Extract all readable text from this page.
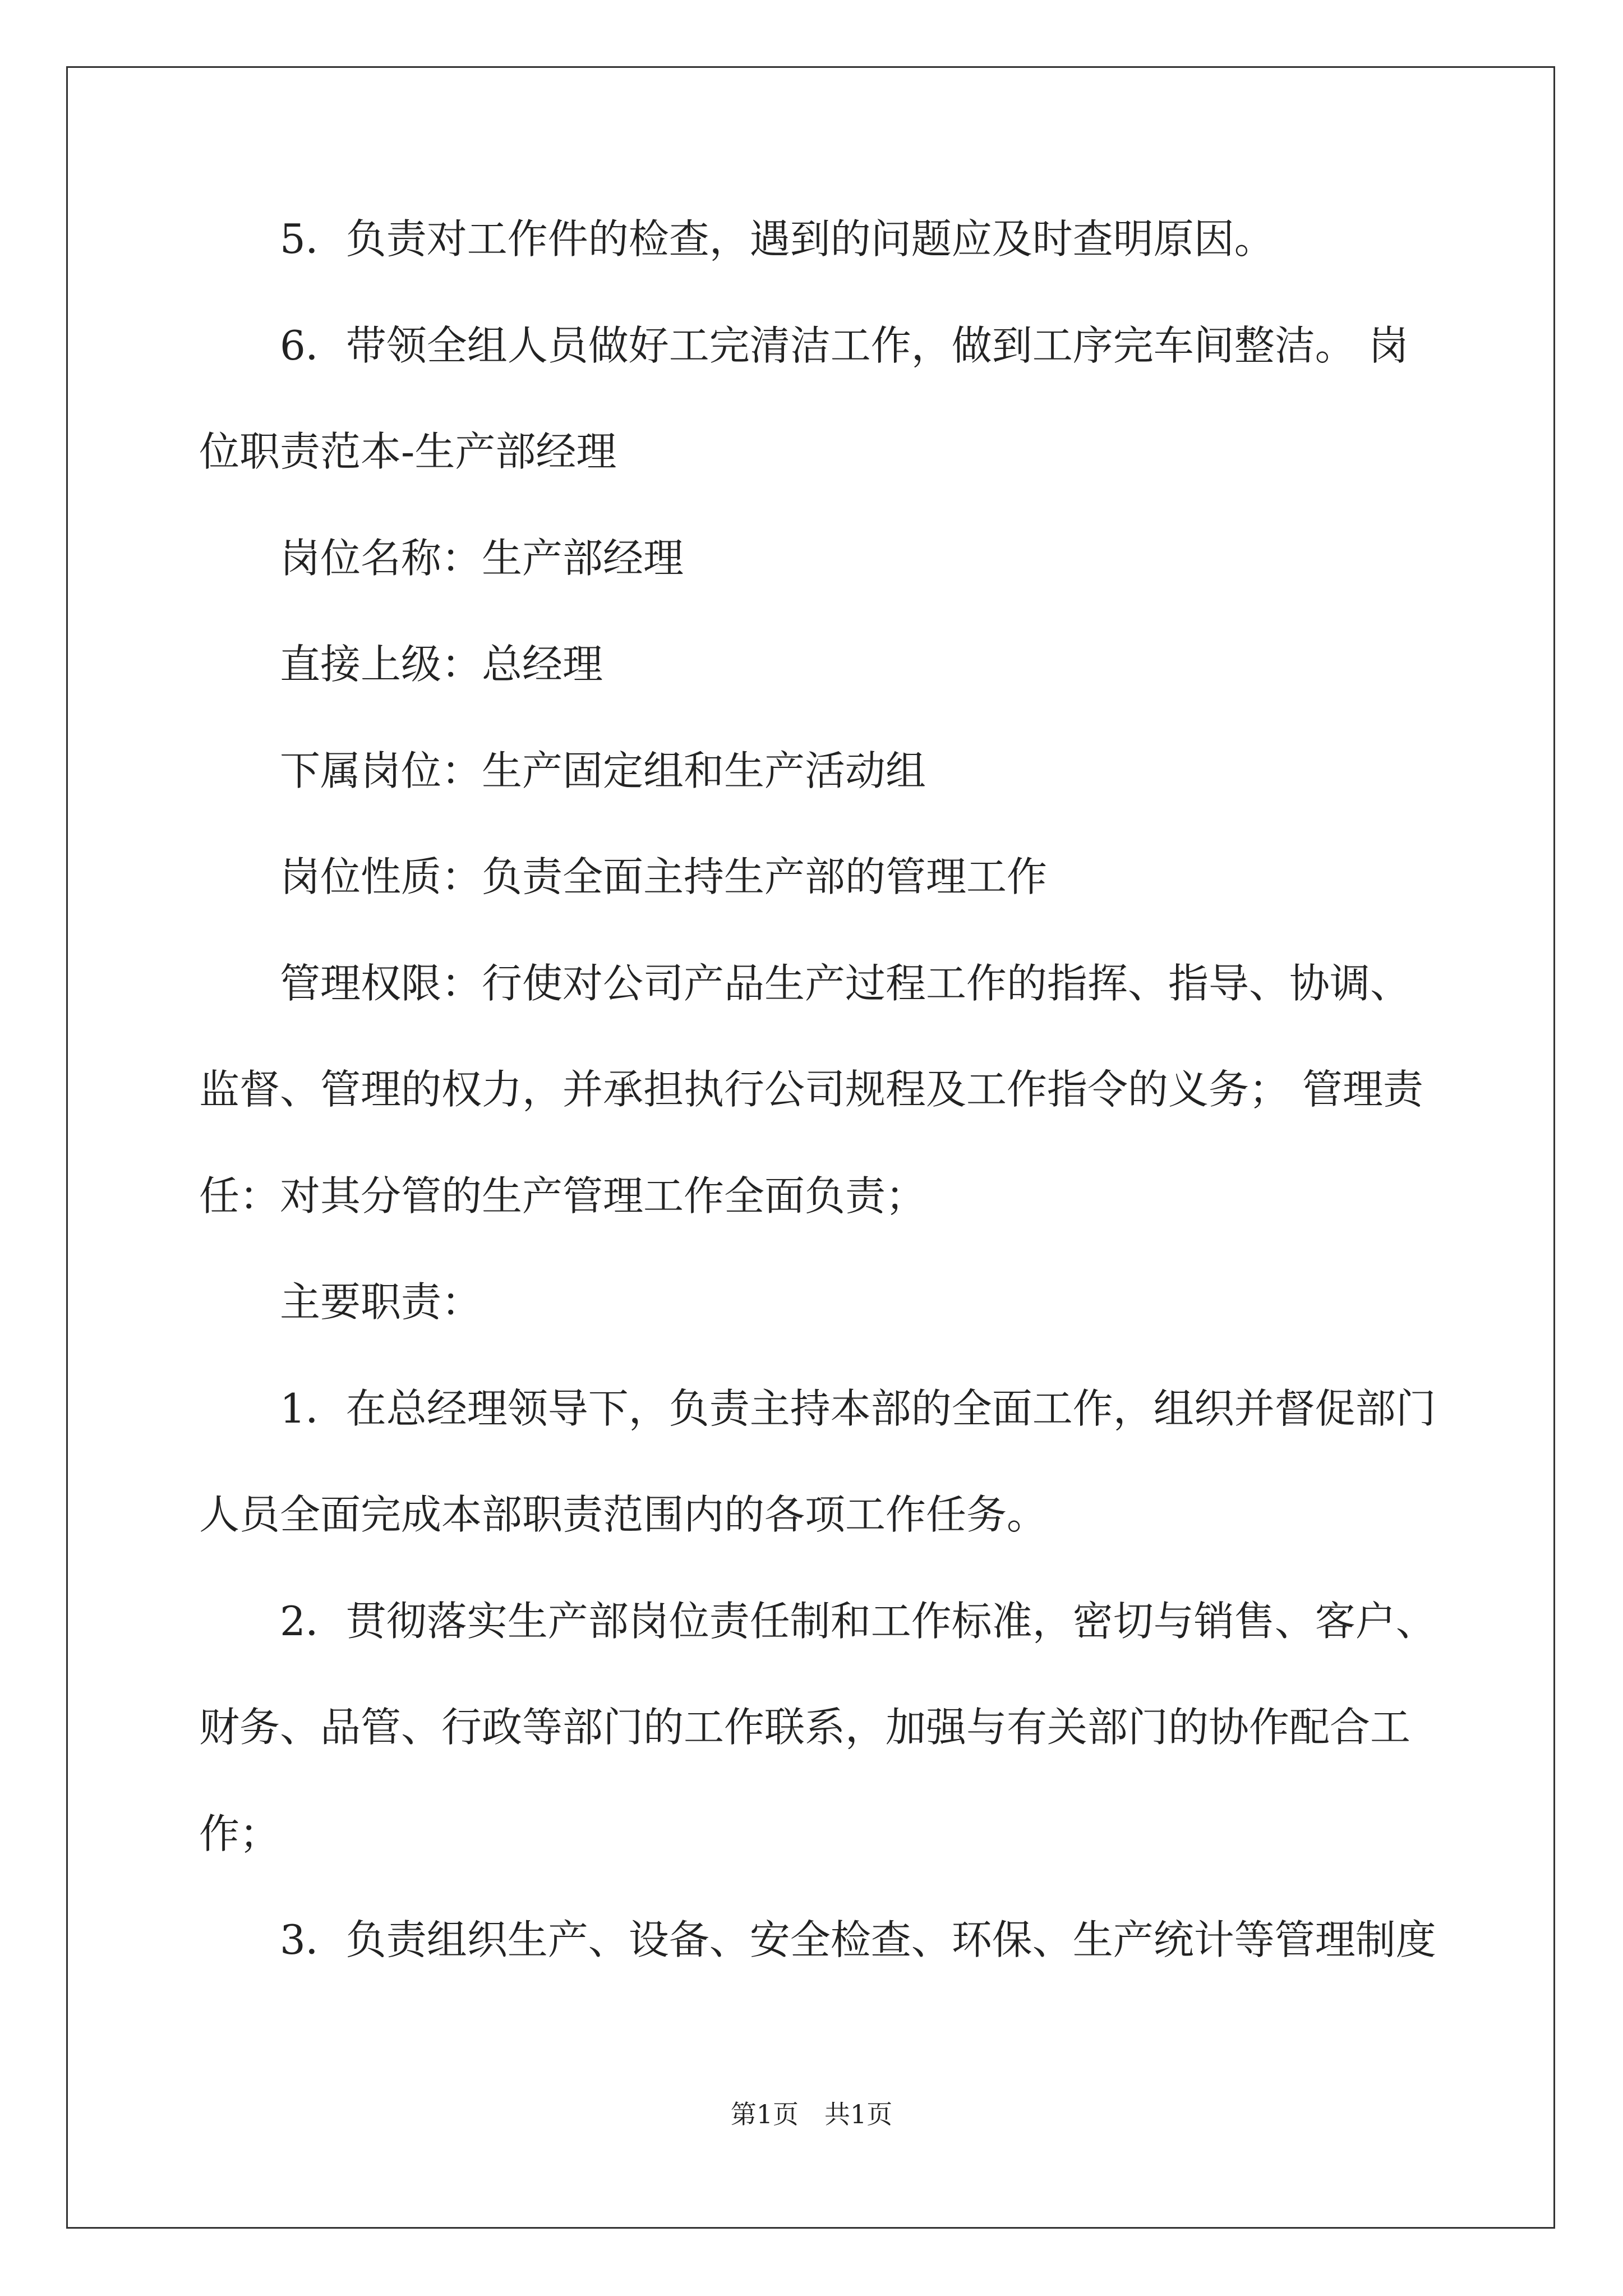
　　5．负责对工作件的检查，遇到的问题应及时查明原因。
　　6．带领全组人员做好工完清洁工作，做到工序完车间整洁。 岗
位职责范本-生产部经理
　　岗位名称：生产部经理
　　直接上级：总经理
　　下属岗位：生产固定组和生产活动组
　　岗位性质：负责全面主持生产部的管理工作
　　管理权限：行使对公司产品生产过程工作的指挥、指导、协调、
监督、管理的权力，并承担执行公司规程及工作指令的义务； 管理责
任：对其分管的生产管理工作全面负责；
　　主要职责：
　　1．在总经理领导下，负责主持本部的全面工作，组织并督促部门
人员全面完成本部职责范围内的各项工作任务。
　　2．贯彻落实生产部岗位责任制和工作标准，密切与销售、客户、
财务、品管、行政等部门的工作联系，加强与有关部门的协作配合工
作；
　　3．负责组织生产、设备、安全检查、环保、生产统计等管理制度
第1页　共1页
